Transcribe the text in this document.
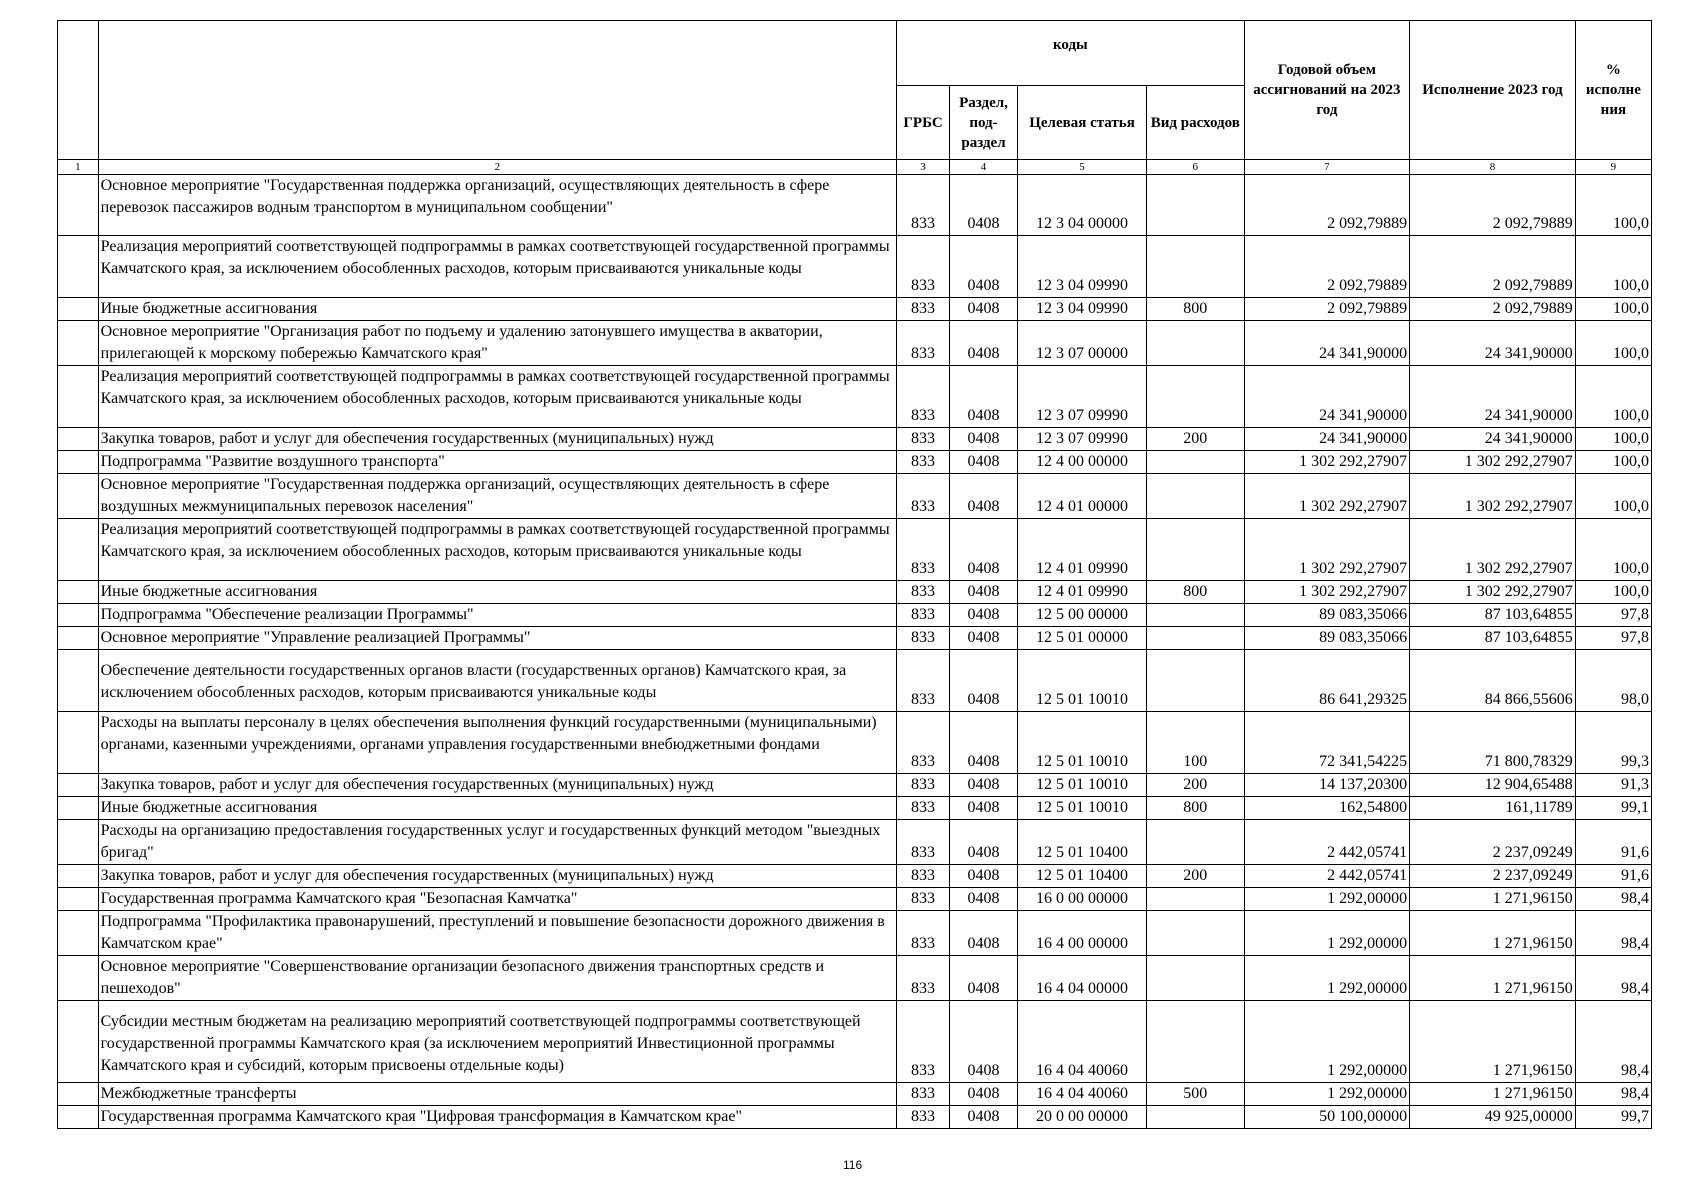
		коды				Годовой объем ассигнований на 2023 год	Исполнение 2023 год	% исполне ния
		ГРБС	Раздел, под-раздел	Целевая статья	Вид расходов			
1	2	3	4	5	6	7	8	9
	Основное мероприятие "Государственная поддержка организаций, осуществляющих деятельность в сфере перевозок пассажиров водным транспортом в муниципальном сообщении"	833	0408	12 3 04 00000		2 092,79889	2 092,79889	100,0
	Реализация мероприятий соответствующей подпрограммы в рамках соответствующей государственной программы Камчатского края, за исключением обособленных расходов, которым присваиваются уникальные коды	833	0408	12 3 04 09990		2 092,79889	2 092,79889	100,0
	Иные бюджетные ассигнования	833	0408	12 3 04 09990	800	2 092,79889	2 092,79889	100,0
	Основное мероприятие "Организация работ по подъему и удалению затонувшего имущества в акватории, прилегающей к морскому побережью Камчатского края"	833	0408	12 3 07 00000		24 341,90000	24 341,90000	100,0
	Реализация мероприятий соответствующей подпрограммы в рамках соответствующей государственной программы Камчатского края, за исключением обособленных расходов, которым присваиваются уникальные коды	833	0408	12 3 07 09990		24 341,90000	24 341,90000	100,0
	Закупка товаров, работ и услуг для обеспечения государственных (муниципальных) нужд	833	0408	12 3 07 09990	200	24 341,90000	24 341,90000	100,0
	Подпрограмма "Развитие воздушного транспорта"	833	0408	12 4 00 00000		1 302 292,27907	1 302 292,27907	100,0
	Основное мероприятие "Государственная поддержка организаций, осуществляющих деятельность в сфере воздушных межмуниципальных перевозок населения"	833	0408	12 4 01 00000		1 302 292,27907	1 302 292,27907	100,0
	Реализация мероприятий соответствующей подпрограммы в рамках соответствующей государственной программы Камчатского края, за исключением обособленных расходов, которым присваиваются уникальные коды	833	0408	12 4 01 09990		1 302 292,27907	1 302 292,27907	100,0
	Иные бюджетные ассигнования	833	0408	12 4 01 09990	800	1 302 292,27907	1 302 292,27907	100,0
	Подпрограмма "Обеспечение реализации Программы"	833	0408	12 5 00 00000		89 083,35066	87 103,64855	97,8
	Основное мероприятие "Управление реализацией Программы"	833	0408	12 5 01 00000		89 083,35066	87 103,64855	97,8
	Обеспечение деятельности государственных органов власти (государственных органов) Камчатского края, за исключением обособленных расходов, которым присваиваются уникальные коды	833	0408	12 5 01 10010		86 641,29325	84 866,55606	98,0
	Расходы на выплаты персоналу в целях обеспечения выполнения функций государственными (муниципальными) органами, казенными учреждениями, органами управления государственными внебюджетными фондами	833	0408	12 5 01 10010	100	72 341,54225	71 800,78329	99,3
	Закупка товаров, работ и услуг для обеспечения государственных (муниципальных) нужд	833	0408	12 5 01 10010	200	14 137,20300	12 904,65488	91,3
	Иные бюджетные ассигнования	833	0408	12 5 01 10010	800	162,54800	161,11789	99,1
	Расходы на организацию предоставления государственных услуг и государственных функций методом "выездных бригад"	833	0408	12 5 01 10400		2 442,05741	2 237,09249	91,6
	Закупка товаров, работ и услуг для обеспечения государственных (муниципальных) нужд	833	0408	12 5 01 10400	200	2 442,05741	2 237,09249	91,6
	Государственная программа Камчатского края "Безопасная Камчатка"	833	0408	16 0 00 00000		1 292,00000	1 271,96150	98,4
	Подпрограмма "Профилактика правонарушений, преступлений и повышение безопасности дорожного движения в Камчатском крае"	833	0408	16 4 00 00000		1 292,00000	1 271,96150	98,4
	Основное мероприятие "Совершенствование организации безопасного движения транспортных средств и пешеходов"	833	0408	16 4 04 00000		1 292,00000	1 271,96150	98,4
	Субсидии местным бюджетам на реализацию мероприятий соответствующей подпрограммы соответствующей государственной программы Камчатского края (за исключением мероприятий Инвестиционной программы Камчатского края и субсидий, которым присвоены отдельные коды)	833	0408	16 4 04 40060		1 292,00000	1 271,96150	98,4
	Межбюджетные трансферты	833	0408	16 4 04 40060	500	1 292,00000	1 271,96150	98,4
	Государственная программа Камчатского края "Цифровая трансформация в Камчатском крае"	833	0408	20 0 00 00000		50 100,00000	49 925,00000	99,7
116
